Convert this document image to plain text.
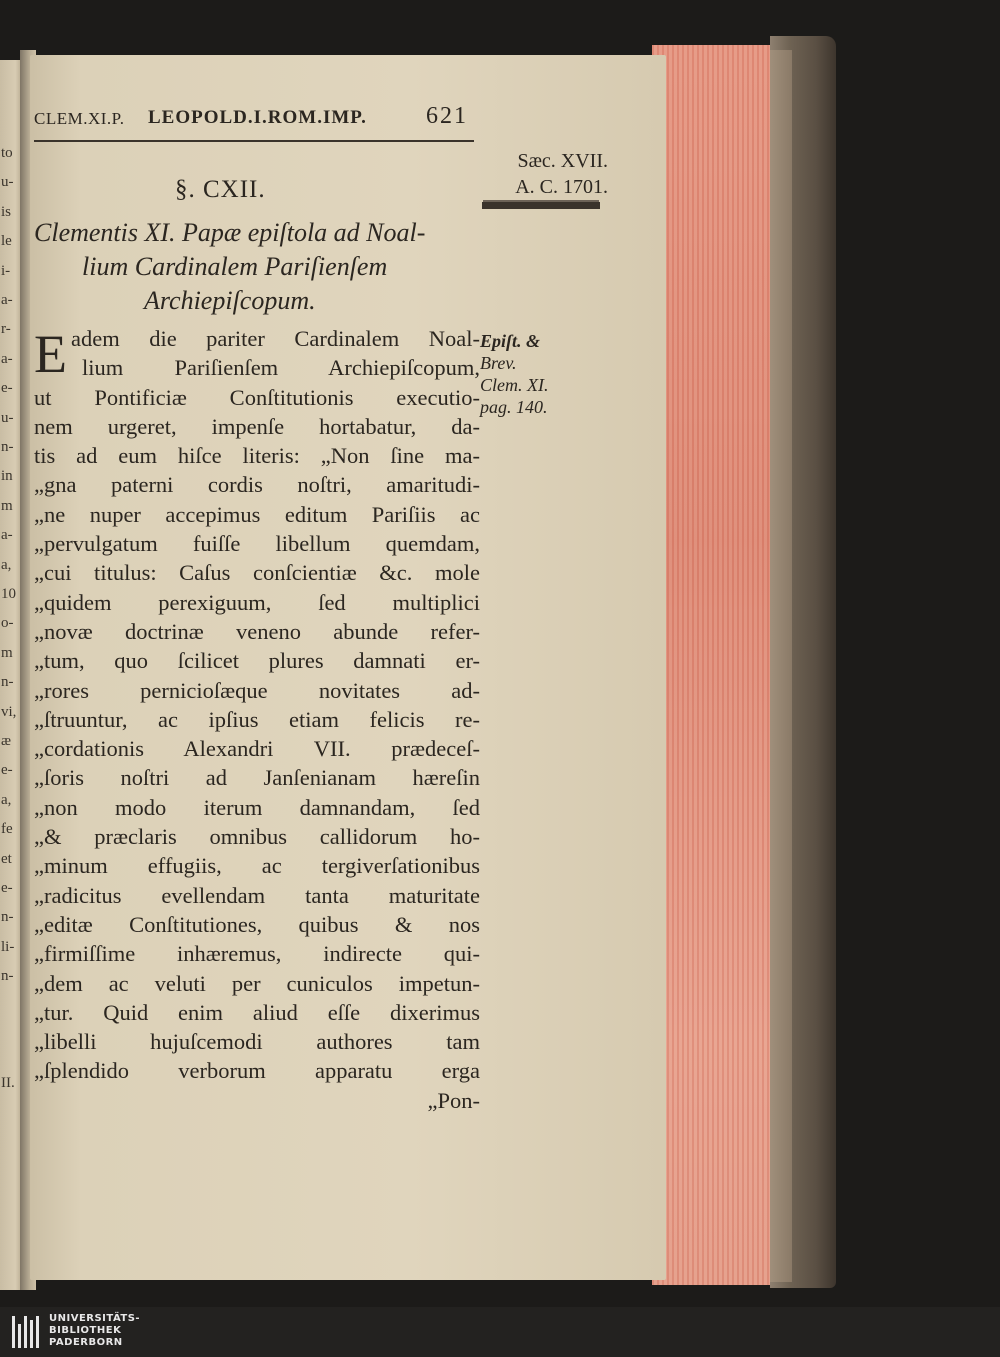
to
u-
is
le
i-
a-
r-
a-
e-
u-
n-
in
m
a-
a,
10
o-
m
n-
vi,
æ
e-
a,
fe
et
e-
n-
li-
n-
II.
CLEM.XI.P. LEOPOLD.I.ROM.IMP. 621
Sæc. XVII.
A. C. 1701.
§. CXII.
Clementis XI. Papæ epiſtola ad Noal-
lium Cardinalem Pariſienſem
Archiepiſcopum.
E adem die pariter Cardinalem Noal-
lium Pariſienſem Archiepiſcopum,
ut Pontificiæ Conſtitutionis executio-
nem urgeret, impenſe hortabatur, da-
tis ad eum hiſce literis: „Non ſine ma-
„gna paterni cordis noſtri, amaritudi-
„ne nuper accepimus editum Pariſiis ac
„pervulgatum fuiſſe libellum quemdam,
„cui titulus: Caſus conſcientiæ &c. mole
„quidem perexiguum, ſed multiplici
„novæ doctrinæ veneno abunde refer-
„tum, quo ſcilicet plures damnati er-
„rores pernicioſæque novitates ad-
„ſtruuntur, ac ipſius etiam felicis re-
„cordationis Alexandri VII. prædeceſ-
„ſoris noſtri ad Janſenianam hæreſin
„non modo iterum damnandam, ſed
„& præclaris omnibus callidorum ho-
„minum effugiis, ac tergiverſationibus
„radicitus evellendam tanta maturitate
„editæ Conſtitutiones, quibus & nos
„firmiſſime inhæremus, indirecte qui-
„dem ac veluti per cuniculos impetun-
„tur. Quid enim aliud eſſe dixerimus
„libelli hujuſcemodi authores tam
„ſplendido verborum apparatu erga
„Pon-
Epiſt. &
Brev.
Clem. XI.
pag. 140.
UNIVERSITÄTS-
BIBLIOTHEK
PADERBORN
